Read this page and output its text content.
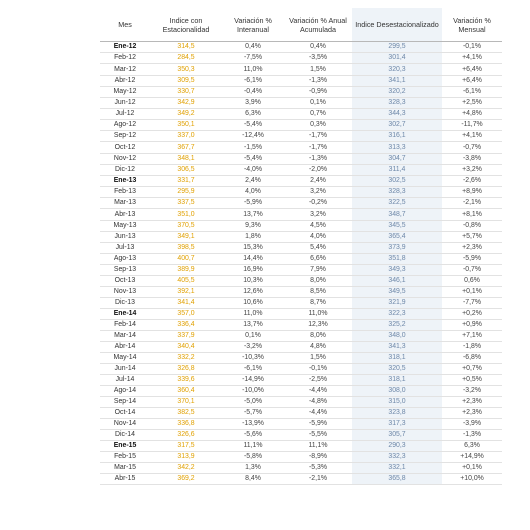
Mes	Indice con Estacionalidad	Variación % Interanual	Variación % Anual Acumulada	Indice Desestacionalizado	Variación % Mensual
Ene-12	314,5	0,4%	0,4%	299,5	-0,1%
Feb-12	284,5	-7,5%	-3,5%	301,4	+4,1%
Mar-12	350,3	11,0%	1,5%	320,3	+6,4%
Abr-12	309,5	-6,1%	-1,3%	341,1	+6,4%
May-12	330,7	-0,4%	-0,9%	320,2	-6,1%
Jun-12	342,9	3,9%	0,1%	328,3	+2,5%
Jul-12	349,2	6,3%	0,7%	344,3	+4,8%
Ago-12	350,1	-5,4%	0,3%	302,7	-11,7%
Sep-12	337,0	-12,4%	-1,7%	316,1	+4,1%
Oct-12	367,7	-1,5%	-1,7%	313,3	-0,7%
Nov-12	348,1	-5,4%	-1,3%	304,7	-3,8%
Dic-12	306,5	-4,0%	-2,0%	311,4	+3,2%
Ene-13	331,7	2,4%	2,4%	302,5	-2,6%
Feb-13	295,9	4,0%	3,2%	328,3	+8,9%
Mar-13	337,5	-5,9%	-0,2%	322,5	-2,1%
Abr-13	351,0	13,7%	3,2%	348,7	+8,1%
May-13	370,5	9,3%	4,5%	345,5	-0,8%
Jun-13	349,1	1,8%	4,0%	365,4	+5,7%
Jul-13	398,5	15,3%	5,4%	373,9	+2,3%
Ago-13	400,7	14,4%	6,6%	351,8	-5,9%
Sep-13	389,9	16,9%	7,9%	349,3	-0,7%
Oct-13	405,5	10,3%	8,0%	346,1	0,6%
Nov-13	392,1	12,6%	8,5%	349,5	+0,1%
Dic-13	341,4	10,6%	8,7%	321,9	-7,7%
Ene-14	357,0	11,0%	11,0%	322,3	+0,2%
Feb-14	336,4	13,7%	12,3%	325,2	+0,9%
Mar-14	337,9	0,1%	8,0%	348,0	+7,1%
Abr-14	340,4	-3,2%	4,8%	341,3	-1,8%
May-14	332,2	-10,3%	1,5%	318,1	-6,8%
Jun-14	326,8	-6,1%	-0,1%	320,5	+0,7%
Jul-14	339,6	-14,9%	-2,5%	318,1	+0,5%
Ago-14	360,4	-10,0%	-4,4%	308,0	-3,2%
Sep-14	370,1	-5,0%	-4,8%	315,0	+2,3%
Oct-14	382,5	-5,7%	-4,4%	323,8	+2,3%
Nov-14	336,8	-13,9%	-5,9%	317,3	-3,9%
Dic-14	326,6	-5,6%	-5,5%	305,7	-1,3%
Ene-15	317,5	11,1%	11,1%	290,3	6,3%
Feb-15	313,9	-5,8%	-8,9%	332,3	+14,9%
Mar-15	342,2	1,3%	-5,3%	332,1	+0,1%
Abr-15	369,2	8,4%	-2,1%	365,8	+10,0%
